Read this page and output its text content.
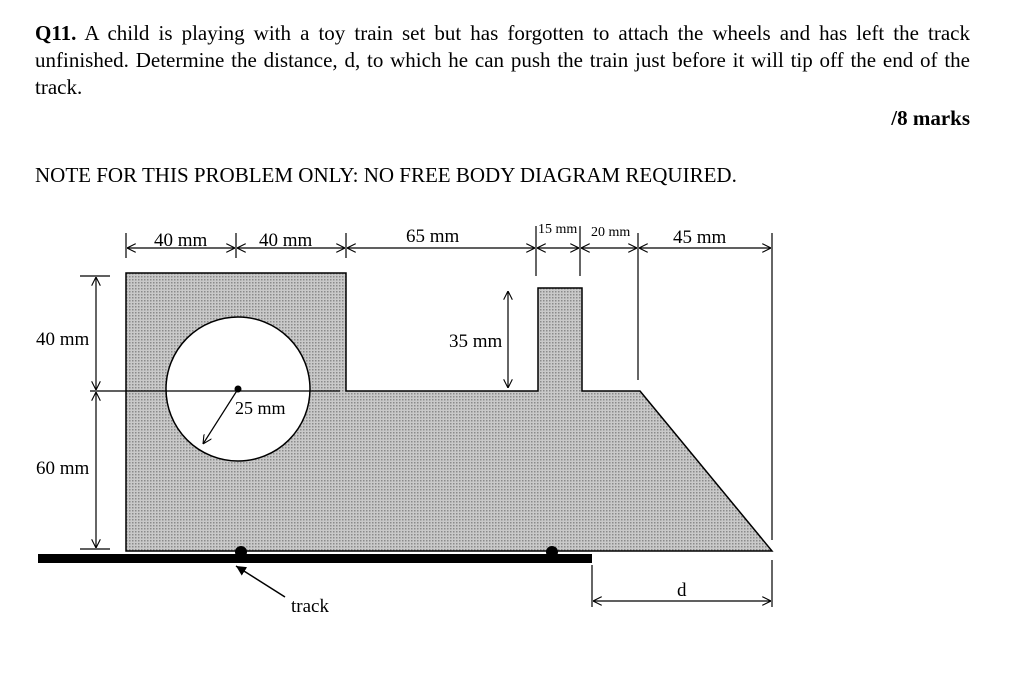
Q11. A child is playing with a toy train set but has forgotten to attach the wheels and has left the track unfinished. Determine the distance, d, to which he can push the train just before it will tip off the end of the track.

/8 marks
NOTE FOR THIS PROBLEM ONLY: NO FREE BODY DIAGRAM REQUIRED.
25 mm
track
40 mm	40 mm	65 mm	15 mm 20 mm 45 mm
40 mm
60 mm
35 mm
d
